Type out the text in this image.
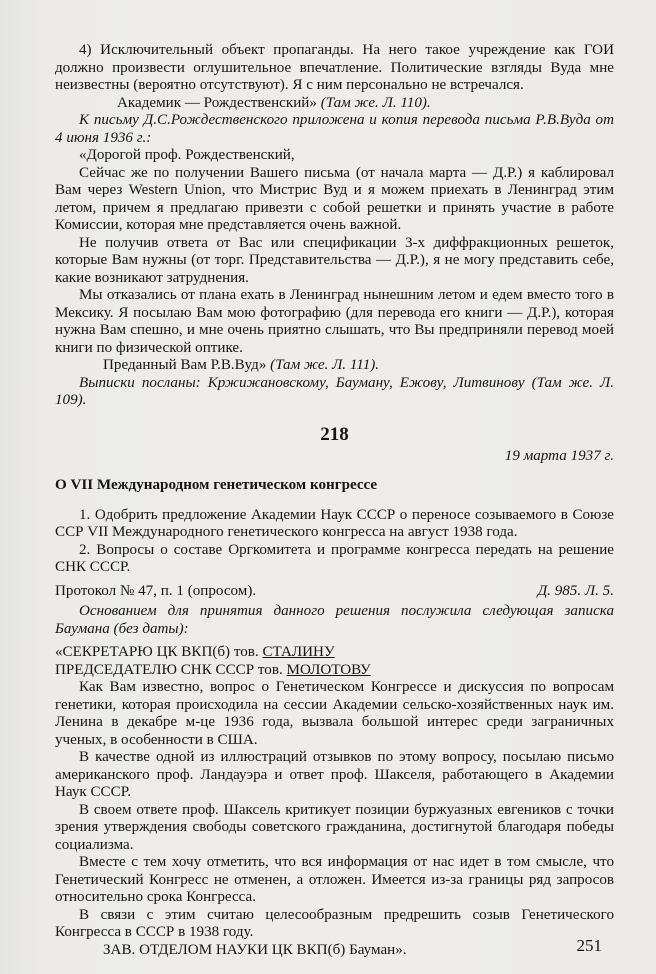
4) Исключительный объект пропаганды. На него такое учреждение как ГОИ должно произвести оглушительное впечатление. Политические взгляды Вуда мне неизвестны (вероятно отсутствуют). Я с ним персонально не встречался.

Академик — Рождественский» (Там же. Л. 110).

К письму Д.С.Рождественского приложена и копия перевода письма Р.В.Вуда от 4 июня 1936 г.:

«Дорогой проф. Рождественский,

Сейчас же по получении Вашего письма (от начала марта — Д.Р.) я каблировал Вам через Western Union, что Мистрис Вуд и я можем приехать в Ленинград этим летом, причем я предлагаю привезти с собой решетки и принять участие в работе Комиссии, которая мне представляется очень важной.

Не получив ответа от Вас или спецификации 3-х диффракционных решеток, которые Вам нужны (от торг. Представительства — Д.Р.), я не могу представить себе, какие возникают затруднения.

Мы отказались от плана ехать в Ленинград нынешним летом и едем вместо того в Мексику. Я посылаю Вам мою фотографию (для перевода его книги — Д.Р.), которая нужна Вам спешно, и мне очень приятно слышать, что Вы предприняли перевод моей книги по физической оптике.

Преданный Вам Р.В.Вуд» (Там же. Л. 111).

Выписки посланы: Кржижановскому, Бауману, Ежову, Литвинову (Там же. Л. 109).

218

19 марта 1937 г.

О VII Международном генетическом конгрессе

1. Одобрить предложение Академии Наук СССР о переносе созываемого в Союзе ССР VII Международного генетического конгресса на август 1938 года.

2. Вопросы о составе Оргкомитета и программе конгресса передать на решение СНК СССР.

Протокол № 47, п. 1 (опросом).	Д. 985. Л. 5.

Основанием для принятия данного решения послужила следующая записка Баумана (без даты):

«СЕКРЕТАРЮ ЦК ВКП(б) тов. СТАЛИНУ

ПРЕДСЕДАТЕЛЮ СНК СССР тов. МОЛОТОВУ

Как Вам известно, вопрос о Генетическом Конгрессе и дискуссия по вопросам генетики, которая происходила на сессии Академии сельско-хозяйственных наук им. Ленина в декабре м-це 1936 года, вызвала большой интерес среди заграничных ученых, в особенности в США.

В качестве одной из иллюстраций отзывков по этому вопросу, посылаю письмо американского проф. Ландауэра и ответ проф. Шакселя, работающего в Академии Наук СССР.

В своем ответе проф. Шаксель критикует позиции буржуазных евгеников с точки зрения утверждения свободы советского гражданина, достигнутой благодаря победы социализма.

Вместе с тем хочу отметить, что вся информация от нас идет в том смысле, что Генетический Конгресс не отменен, а отложен. Имеется из-за границы ряд запросов относительно срока Конгресса.

В связи с этим считаю целесообразным предрешить созыв Генетического Конгресса в СССР в 1938 году.

ЗАВ. ОТДЕЛОМ НАУКИ ЦК ВКП(б) Бауман».	251
